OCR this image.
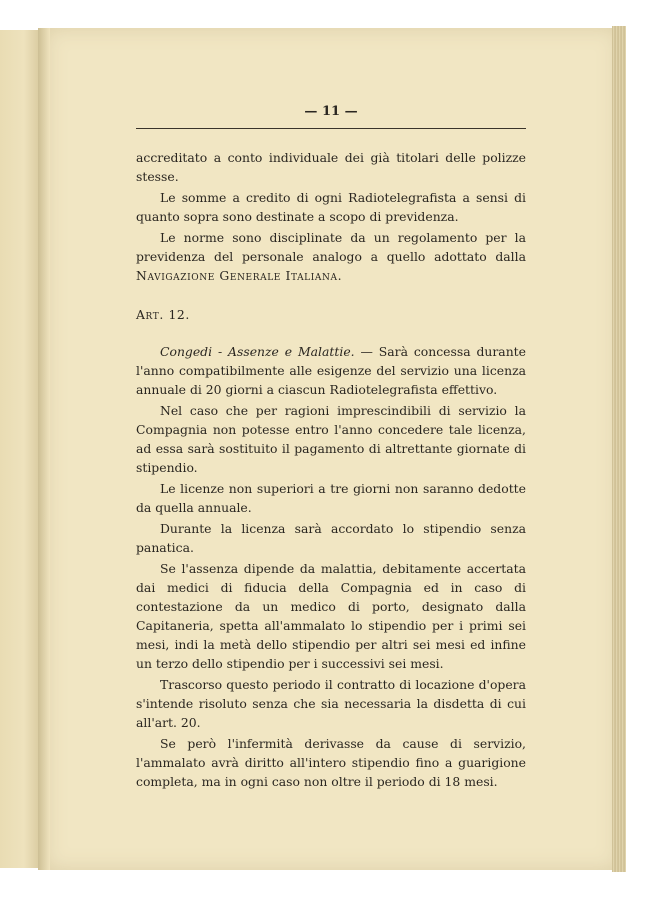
— 11 —

accreditato a conto individuale dei già titolari delle polizze stesse.

Le somme a credito di ogni Radiotelegrafista a sensi di quanto sopra sono destinate a scopo di previdenza.

Le norme sono disciplinate da un regolamento per la previdenza del personale analogo a quello adottato dalla Navigazione Generale Italiana.

Art. 12.

Congedi - Assenze e Malattie. — Sarà concessa durante l'anno compatibilmente alle esigenze del servizio una licenza annuale di 20 giorni a ciascun Radiotelegrafista effettivo.

Nel caso che per ragioni imprescindibili di servizio la Compagnia non potesse entro l'anno concedere tale licenza, ad essa sarà sostituito il pagamento di altrettante giornate di stipendio.

Le licenze non superiori a tre giorni non saranno dedotte da quella annuale.

Durante la licenza sarà accordato lo stipendio senza panatica.

Se l'assenza dipende da malattia, debitamente accertata dai medici di fiducia della Compagnia ed in caso di contestazione da un medico di porto, designato dalla Capitaneria, spetta all'ammalato lo stipendio per i primi sei mesi, indi la metà dello stipendio per altri sei mesi ed infine un terzo dello stipendio per i successivi sei mesi.

Trascorso questo periodo il contratto di locazione d'opera s'intende risoluto senza che sia necessaria la disdetta di cui all'art. 20.

Se però l'infermità derivasse da cause di servizio, l'ammalato avrà diritto all'intero stipendio fino a guarigione completa, ma in ogni caso non oltre il periodo di 18 mesi.
